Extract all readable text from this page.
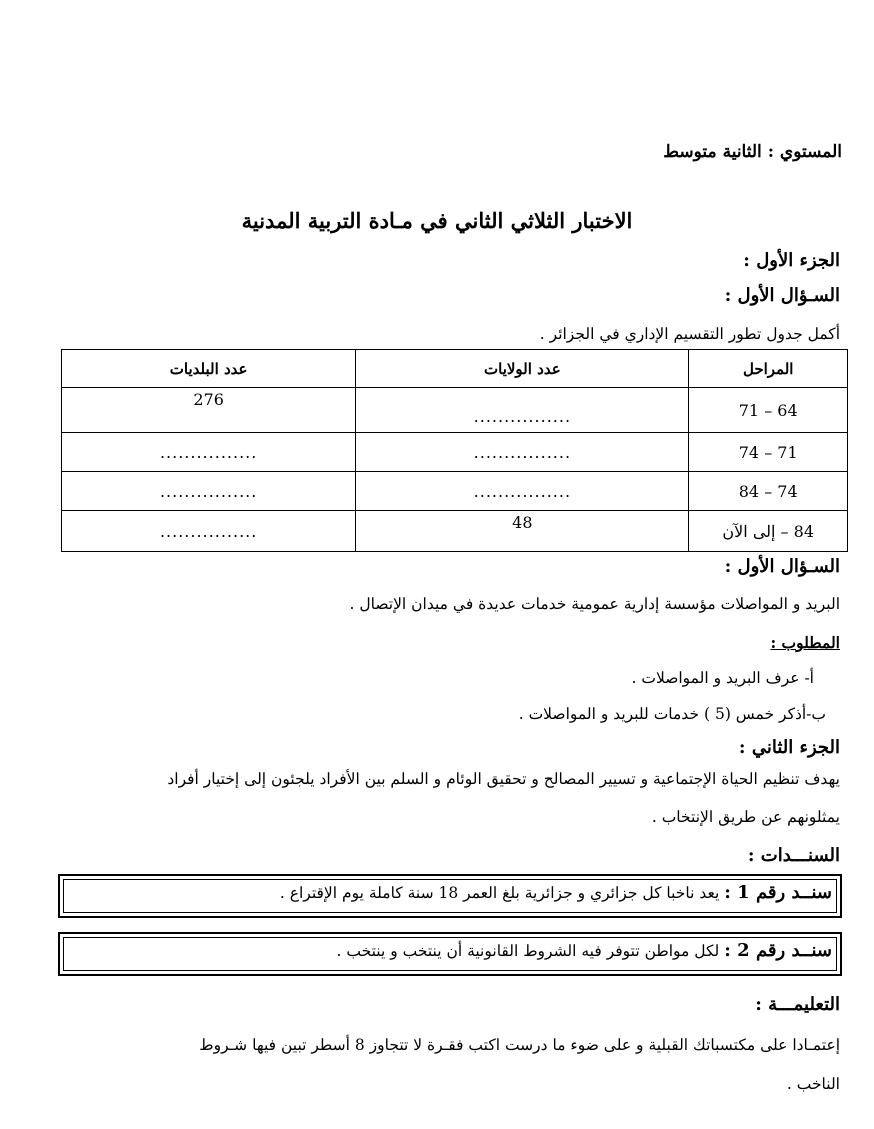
المستوي : الثانية متوسط
الاختبار الثلاثي الثاني في مـادة التربية المدنية
الجزء الأول :
السـؤال الأول :
أكمل جدول تطور التقسيم الإداري في الجزائر .
المراحل	عدد الولايات	عدد البلديات
64 – 71	................	276
71 – 74	................	................
74 – 84	................	................
84 – إلى الآن	48	................
السـؤال الأول :
البريد و المواصلات مؤسسة إدارية عمومية خدمات عديدة في ميدان الإتصال .
المطلوب :
أ- عرف البريد و المواصلات .
ب-أذكر خمس (5 ) خدمات للبريد و المواصلات .
الجزء الثاني :
يهدف تنظيم الحياة الإجتماعية و تسيير المصالح و تحقيق الوئام و السلم بين الأفراد يلجئون إلى إختيار أفراد
يمثلونهم عن طريق الإنتخاب .
السنـــدات :
سنــد رقم 1 : يعد ناخبا كل جزائري و جزائرية بلغ العمر 18 سنة كاملة يوم الإقتراع .
سنــد رقم 2 : لكل مواطن تتوفر فيه الشروط القانونية أن ينتخب و ينتخب .
التعليمـــة :
إعتمـادا على مكتسباتك القبلية و على ضوء ما درست اكتب فقـرة لا تتجاوز 8 أسطر تبين فيها شـروط
الناخب .
